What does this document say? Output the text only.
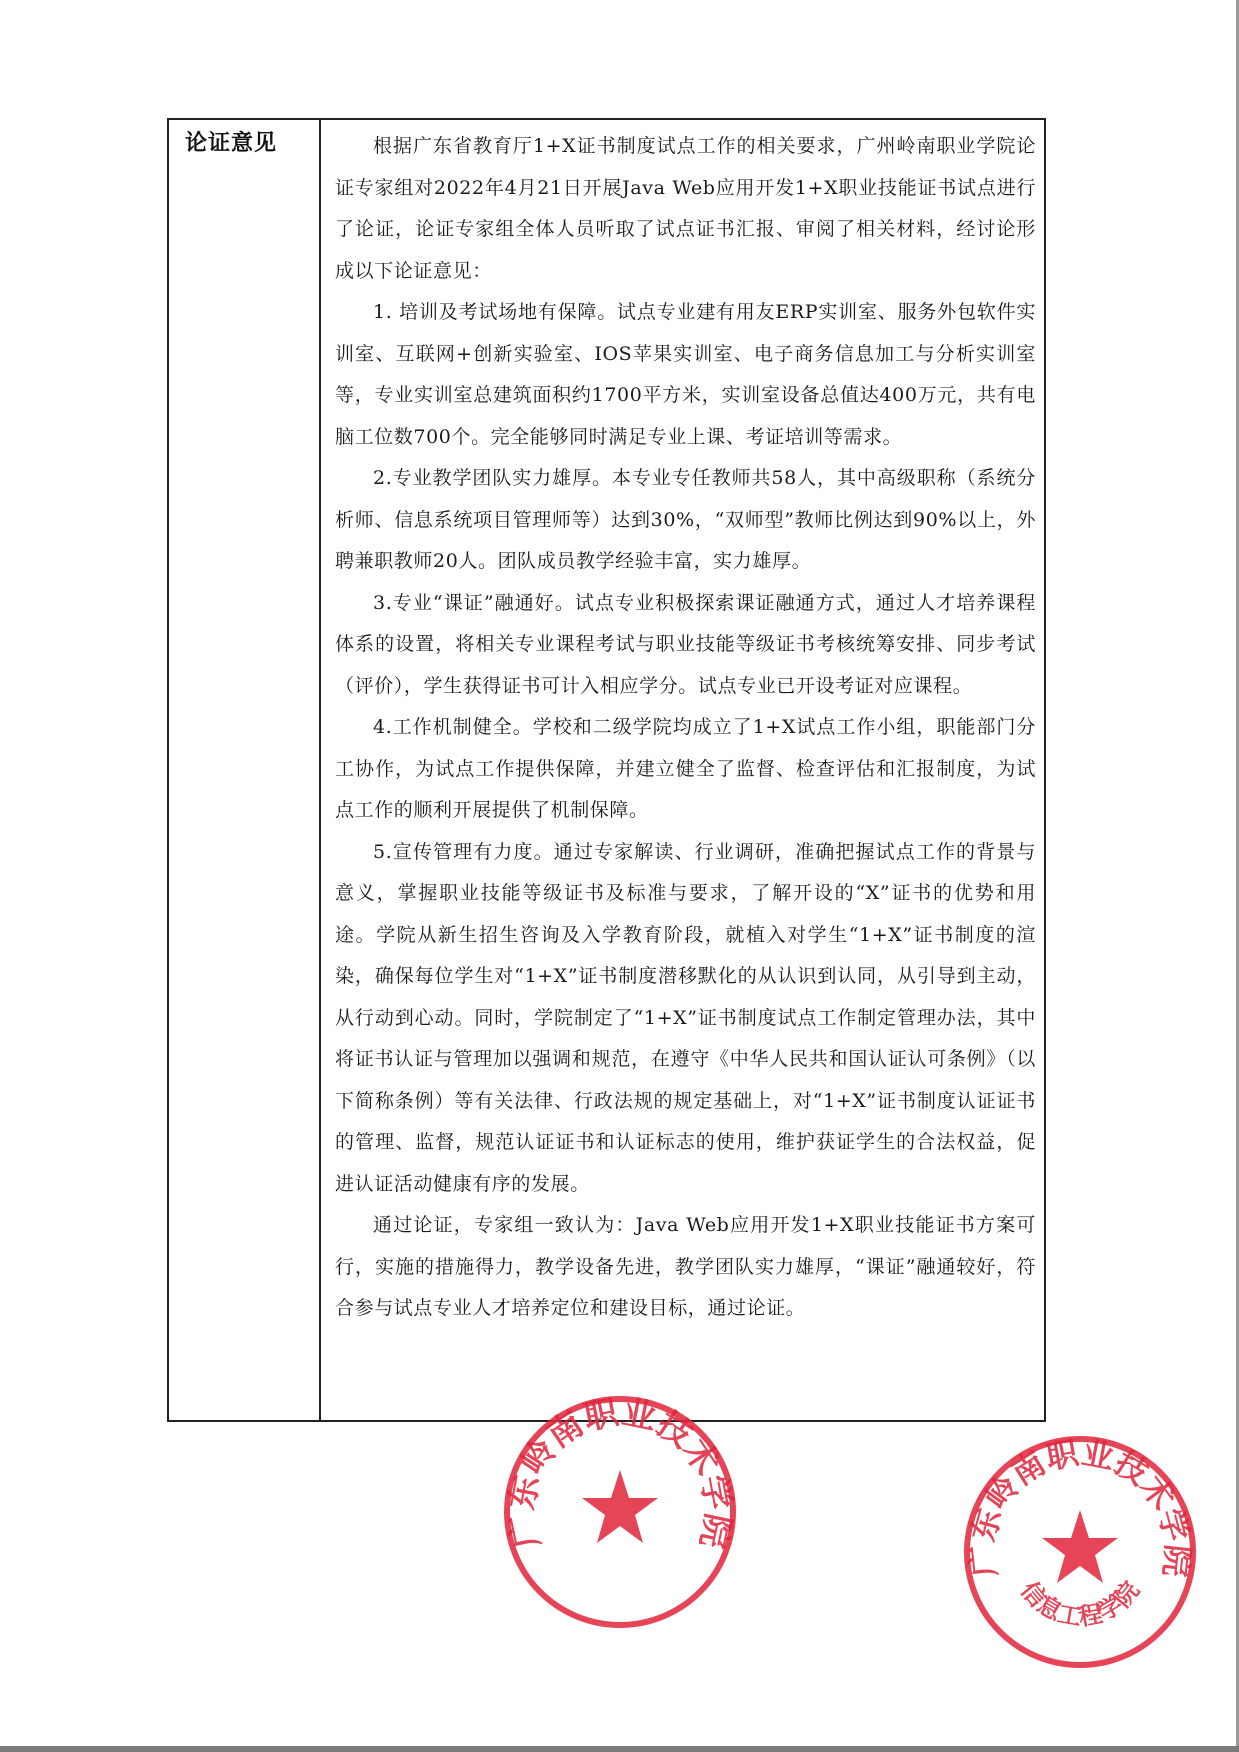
论证意见	根据广东省教育厅1+X证书制度试点工作的相关要求，广州岭南职业学院论证专家组对2022年4月21日开展Java Web应用开发1+X职业技能证书试点进行了论证，论证专家组全体人员听取了试点证书汇报、审阅了相关材料，经讨论形成以下论证意见：

1. 培训及考试场地有保障。试点专业建有用友ERP实训室、服务外包软件实训室、互联网+创新实验室、IOS苹果实训室、电子商务信息加工与分析实训室等，专业实训室总建筑面积约1700平方米，实训室设备总值达400万元，共有电脑工位数700个。完全能够同时满足专业上课、考证培训等需求。

2.专业教学团队实力雄厚。本专业专任教师共58人，其中高级职称（系统分析师、信息系统项目管理师等）达到30%，“双师型”教师比例达到90%以上，外聘兼职教师20人。团队成员教学经验丰富，实力雄厚。

3.专业“课证”融通好。试点专业积极探索课证融通方式，通过人才培养课程体系的设置，将相关专业课程考试与职业技能等级证书考核统筹安排、同步考试（评价），学生获得证书可计入相应学分。试点专业已开设考证对应课程。

4.工作机制健全。学校和二级学院均成立了1+X试点工作小组，职能部门分工协作，为试点工作提供保障，并建立健全了监督、检查评估和汇报制度，为试点工作的顺利开展提供了机制保障。

5.宣传管理有力度。通过专家解读、行业调研，准确把握试点工作的背景与意义，掌握职业技能等级证书及标准与要求，了解开设的“X”证书的优势和用途。学院从新生招生咨询及入学教育阶段，就植入对学生“1+X”证书制度的渲染，确保每位学生对“1+X”证书制度潜移默化的从认识到认同，从引导到主动，从行动到心动。同时，学院制定了“1+X”证书制度试点工作制定管理办法，其中将证书认证与管理加以强调和规范，在遵守《中华人民共和国认证认可条例》（以下简称条例）等有关法律、行政法规的规定基础上，对“1+X”证书制度认证证书的管理、监督，规范认证证书和认证标志的使用，维护获证学生的合法权益，促进认证活动健康有序的发展。

通过论证，专家组一致认为：Java Web应用开发1+X职业技能证书方案可行，实施的措施得力，教学设备先进，教学团队实力雄厚，“课证”融通较好，符合参与试点专业人才培养定位和建设目标，通过论证。

广东岭南职业技术学院
广东岭南职业技术学院
信息工程学院
